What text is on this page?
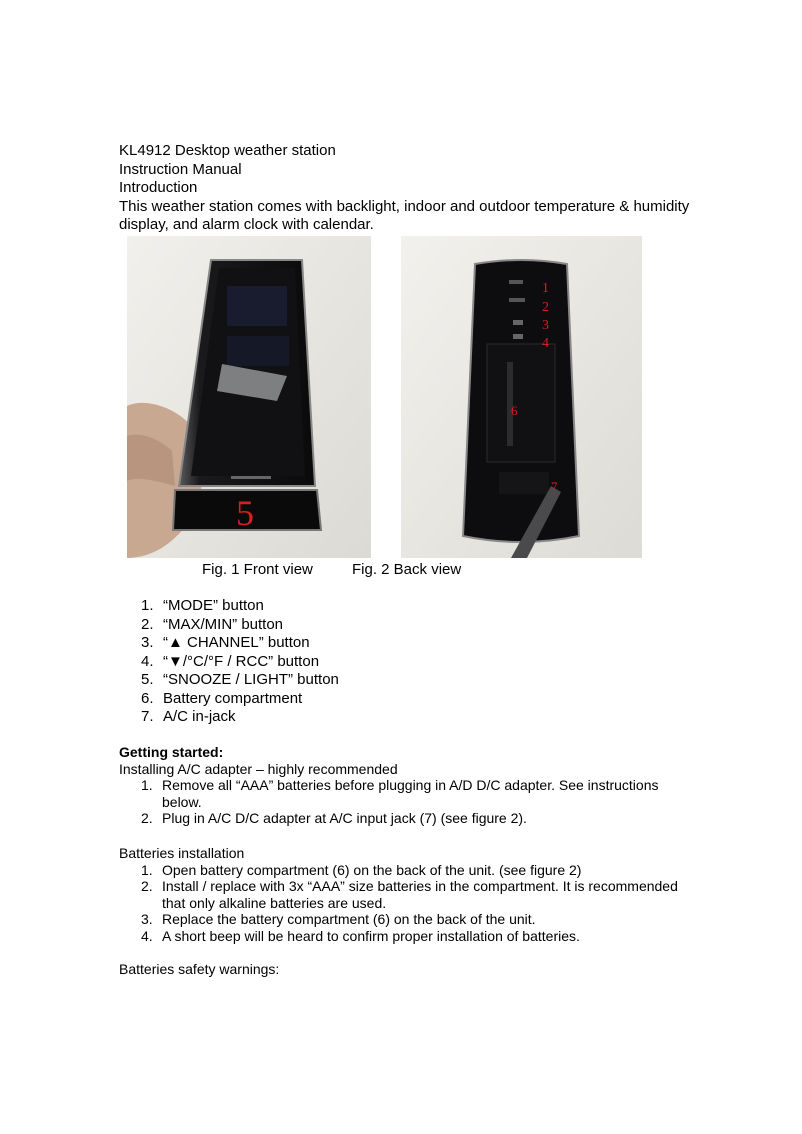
KL4912 Desktop weather station
Instruction Manual
Introduction
This weather station comes with backlight, indoor and outdoor temperature & humidity display, and alarm clock with calendar.
5
1
2
3
4
6
7
Fig. 1 Front view	Fig. 2 Back view
1. “MODE” button
2. “MAX/MIN” button
3. “▲ CHANNEL” button
4. “▼/°C/°F / RCC” button
5. “SNOOZE / LIGHT” button
6. Battery compartment
7. A/C in-jack
Getting started:
Installing A/C adapter – highly recommended
1. Remove all “AAA” batteries before plugging in A/D D/C adapter. See instructions below.
2. Plug in A/C D/C adapter at A/C input jack (7) (see figure 2).
Batteries installation
1. Open battery compartment (6) on the back of the unit. (see figure 2)
2. Install / replace with 3x “AAA” size batteries in the compartment. It is recommended that only alkaline batteries are used.
3. Replace the battery compartment (6) on the back of the unit.
4. A short beep will be heard to confirm proper installation of batteries.
Batteries safety warnings:
